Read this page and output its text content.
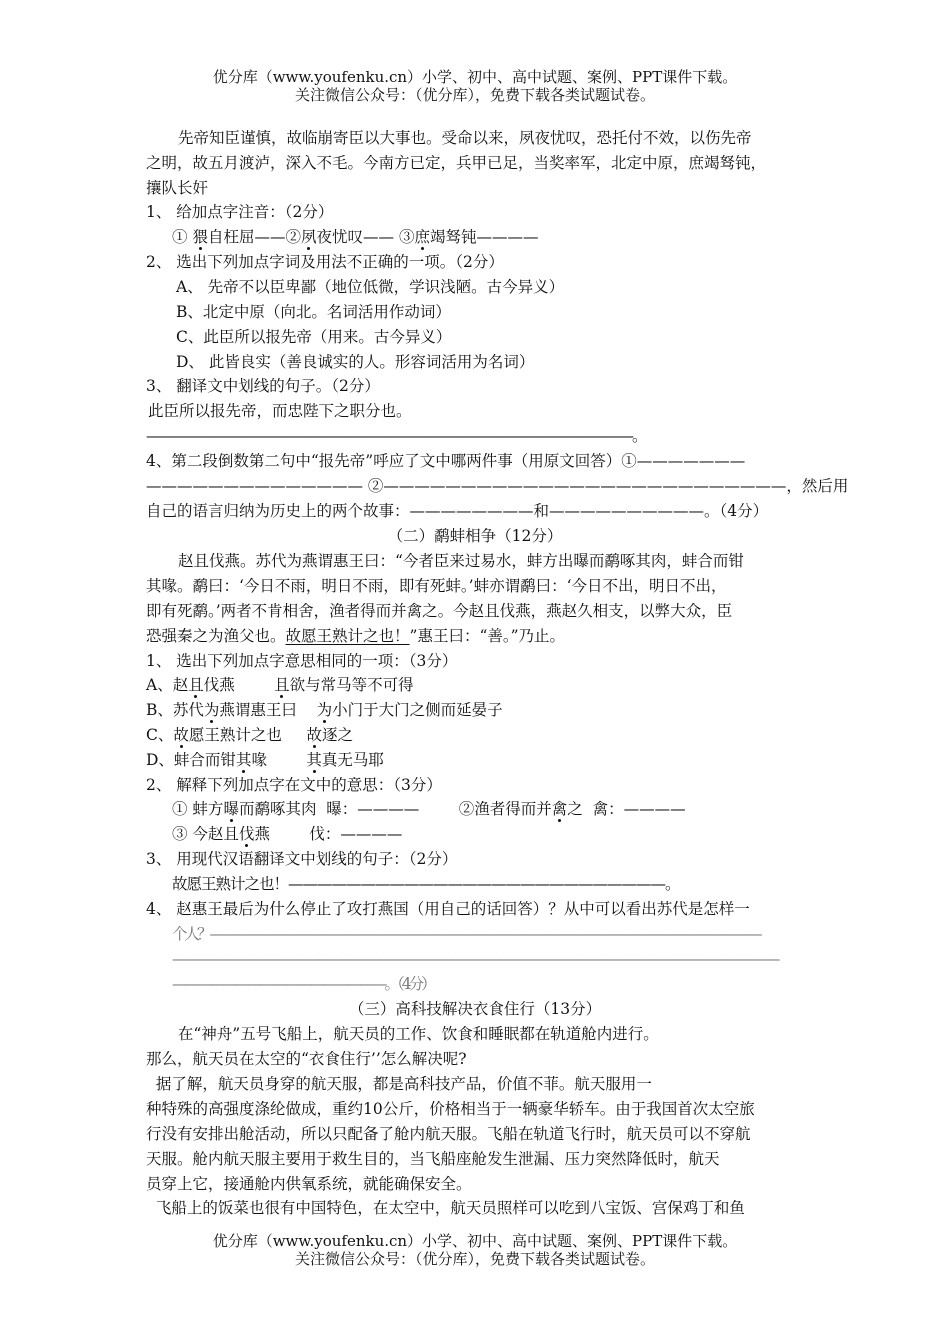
优分库（www.youfenku.cn）小学、初中、高中试题、案例、PPT课件下载。
关注微信公众号：（优分库），免费下载各类试题试卷。
先帝知臣谨慎，故临崩寄臣以大事也。受命以来，夙夜忧叹，恐托付不效，以伤先帝
之明，故五月渡泸，深入不毛。今南方已定，兵甲已足，当奖率军，北定中原，庶竭驽钝，
攘队长奸
1、 给加点字注音：（2分）
① 猥自枉屈——②夙夜忧叹—— ③庶竭驽钝————
2、 选出下列加点字词及用法不正确的一项。（2分）
A、 先帝不以臣卑鄙（地位低微，学识浅陋。古今异义）
B、北定中原（向北。名词活用作动词）
C、此臣所以报先帝（用来。古今异义）
D、 此皆良实（善良诚实的人。形容词活用为名词）
3、 翻译文中划线的句子。（2分）
此臣所以报先帝，而忠陛下之职分也。
————————————————————————————————————。
4、第二段倒数第二句中“报先帝”呼应了文中哪两件事（用原文回答）①———————
—————————————— ②——————————————————————————，然后用
自己的语言归纳为历史上的两个故事：————————和——————————。（4分）
（二）鹬蚌相争（12分）
赵且伐燕。苏代为燕谓惠王曰：“今者臣来过易水，蚌方出曝而鹬啄其肉，蚌合而钳
其喙。鹬曰：‘今日不雨，明日不雨，即有死蚌。’蚌亦谓鹬曰：‘今日不出，明日不出，
即有死鹬。’两者不肯相舍，渔者得而并禽之。今赵且伐燕，燕赵久相支，以弊大众，臣
恐强秦之为渔父也。故愿王熟计之也！”惠王曰：“善。”乃止。
1、 选出下列加点字意思相同的一项：（3分）
A、赵且伐燕        且欲与常马等不可得
B、苏代为燕谓惠王曰    为小门于大门之侧而延晏子
C、故愿王熟计之也     故逐之
D、蚌合而钳其喙        其真无马耶
2、 解释下列加点字在文中的意思：（3分）
① 蚌方曝而鹬啄其肉  曝：————        ②渔者得而并禽之  禽：————
③ 今赵且伐燕        伐：————
3、 用现代汉语翻译文中划线的句子：（2分）
故愿王熟计之也！——————————————————————————。
4、 赵惠王最后为什么停止了攻打燕国（用自己的话回答）？从中可以看出苏代是怎样一
个人？————————————————————————————————————————————
——————————————————————————————————————————————————
—————————————————。（4分）
（三）高科技解决衣食住行（13分）
在“神舟”五号飞船上，航天员的工作、饮食和睡眠都在轨道舱内进行。
那么，航天员在太空的“衣食住行’’怎么解决呢?
据了解，航天员身穿的航天服，都是高科技产品，价值不菲。航天服用一
种特殊的高强度涤纶做成，重约10公斤，价格相当于一辆豪华轿车。由于我国首次太空旅
行没有安排出舱活动，所以只配备了舱内航天服。飞船在轨道飞行时，航天员可以不穿航
天服。舱内航天服主要用于救生目的，当飞船座舱发生泄漏、压力突然降低时，航天
员穿上它，接通舱内供氧系统，就能确保安全。
飞船上的饭菜也很有中国特色，在太空中，航天员照样可以吃到八宝饭、宫保鸡丁和鱼
优分库（www.youfenku.cn）小学、初中、高中试题、案例、PPT课件下载。
关注微信公众号：（优分库），免费下载各类试题试卷。
